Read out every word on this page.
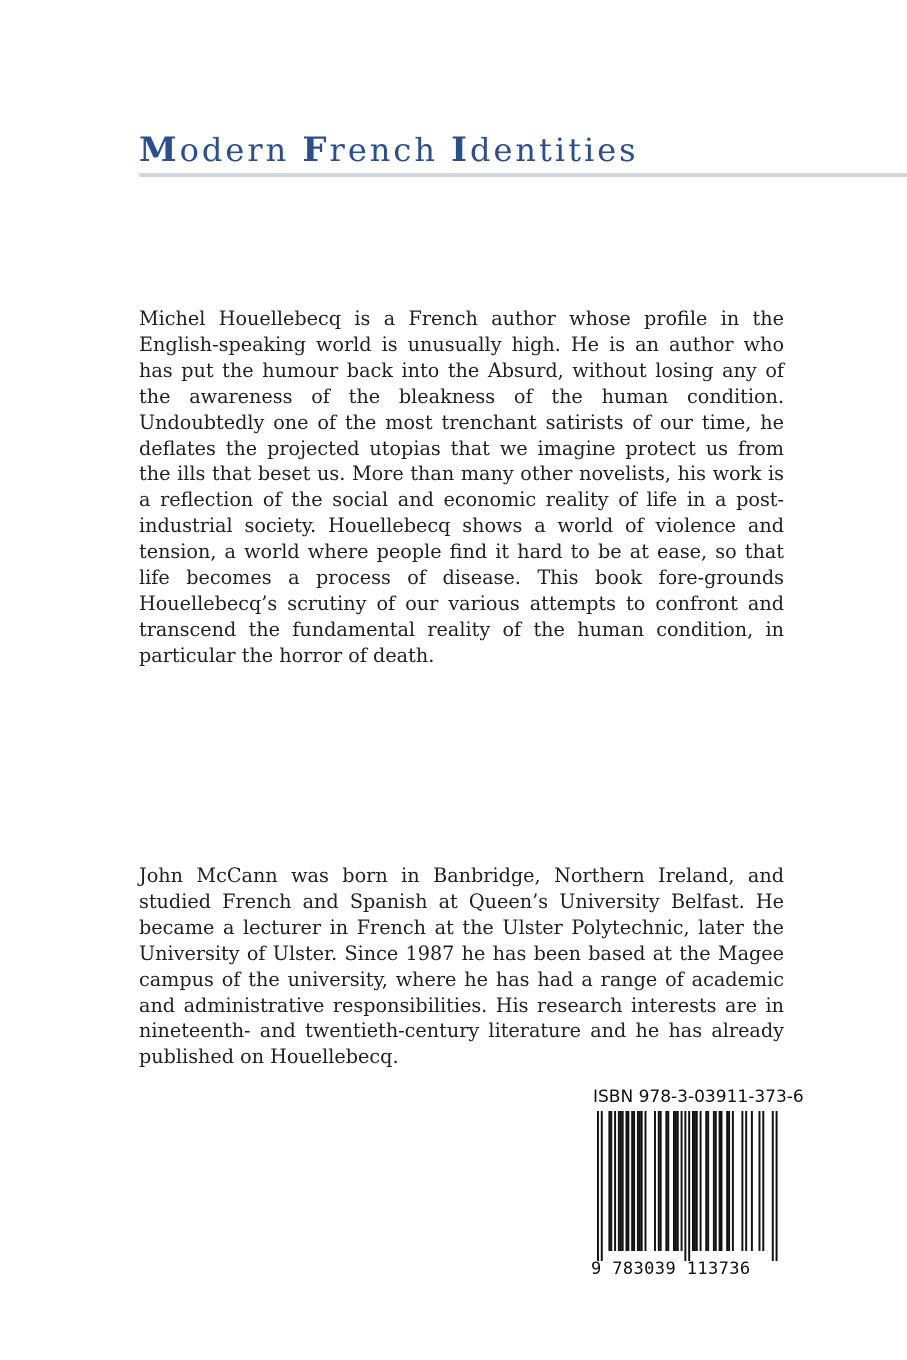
Modern French Identities

Michel Houellebecq is a French author whose profile in the English-speaking world is unusually high. He is an author who has put the humour back into the Absurd, without losing any of the awareness of the bleakness of the human condition. Undoubtedly one of the most trenchant satirists of our time, he deflates the projected utopias that we imagine protect us from the ills that beset us. More than many other novelists, his work is a reflection of the social and economic reality of life in a post-industrial society. Houellebecq shows a world of violence and tension, a world where people find it hard to be at ease, so that life becomes a process of disease. This book fore-grounds Houellebecq’s scrutiny of our various attempts to confront and transcend the fundamental reality of the human condition, in particular the horror of death.

John McCann was born in Banbridge, Northern Ireland, and studied French and Spanish at Queen’s University Belfast. He became a lecturer in French at the Ulster Polytechnic, later the University of Ulster. Since 1987 he has been based at the Magee campus of the university, where he has had a range of academic and administrative responsibilities. His research interests are in nineteenth- and twentieth-century literature and he has already published on Houellebecq.

ISBN 978-3-03911-373-6
9 783039 113736
